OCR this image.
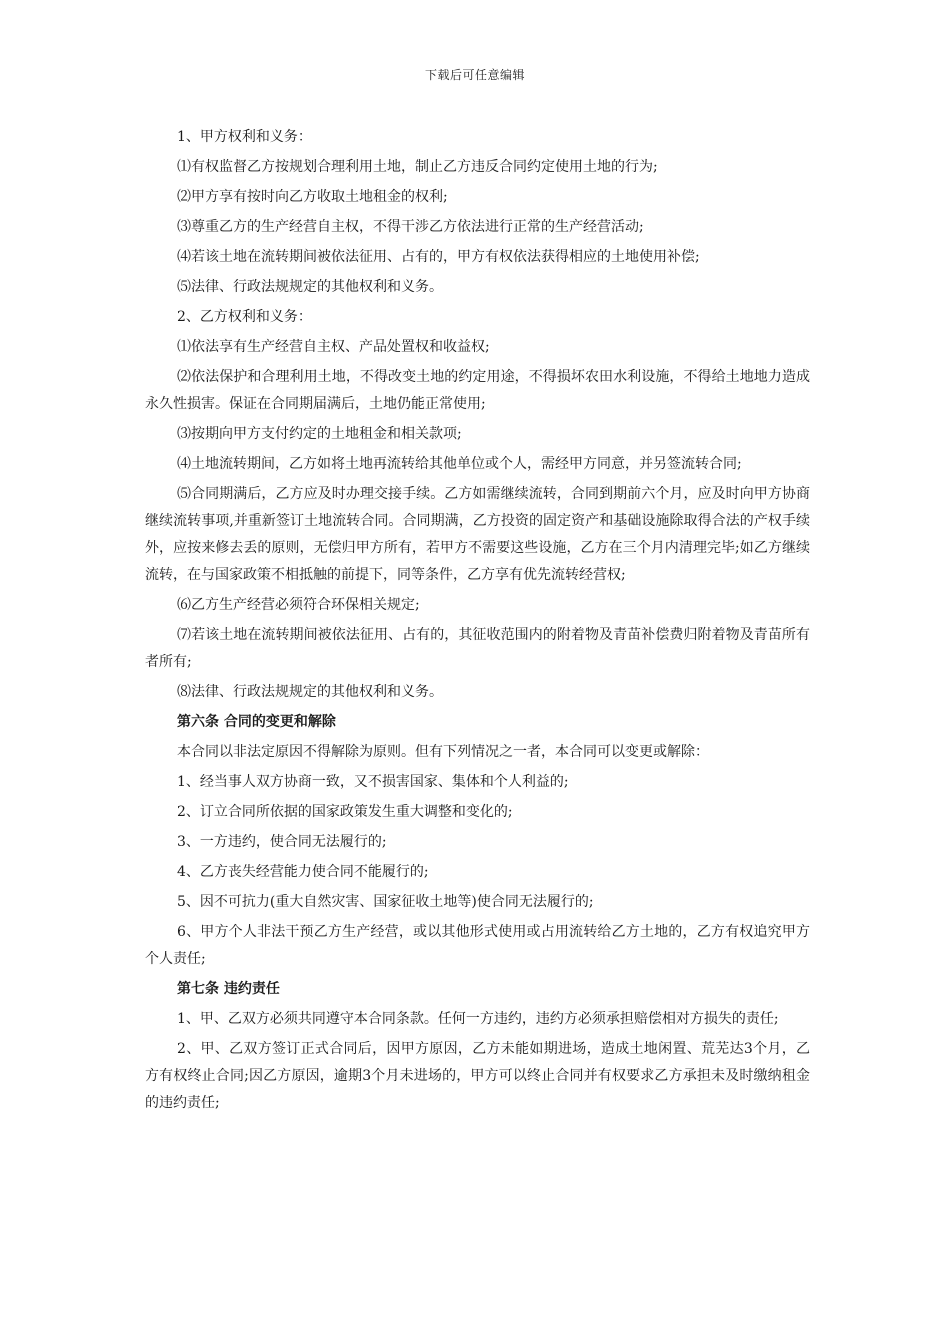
下载后可任意编辑

1、甲方权利和义务：

⑴有权监督乙方按规划合理利用土地，制止乙方违反合同约定使用土地的行为;

⑵甲方享有按时向乙方收取土地租金的权利;

⑶尊重乙方的生产经营自主权，不得干涉乙方依法进行正常的生产经营活动;

⑷若该土地在流转期间被依法征用、占有的，甲方有权依法获得相应的土地使用补偿;

⑸法律、行政法规规定的其他权利和义务。

2、乙方权利和义务：

⑴依法享有生产经营自主权、产品处置权和收益权;

⑵依法保护和合理利用土地，不得改变土地的约定用途，不得损坏农田水利设施，不得给土地地力造成永久性损害。保证在合同期届满后，土地仍能正常使用;

⑶按期向甲方支付约定的土地租金和相关款项;

⑷土地流转期间，乙方如将土地再流转给其他单位或个人，需经甲方同意，并另签流转合同;

⑸合同期满后，乙方应及时办理交接手续。乙方如需继续流转，合同到期前六个月，应及时向甲方协商继续流转事项,并重新签订土地流转合同。合同期满，乙方投资的固定资产和基础设施除取得合法的产权手续外，应按来修去丢的原则，无偿归甲方所有，若甲方不需要这些设施，乙方在三个月内清理完毕;如乙方继续流转，在与国家政策不相抵触的前提下，同等条件，乙方享有优先流转经营权;

⑹乙方生产经营必须符合环保相关规定;

⑺若该土地在流转期间被依法征用、占有的，其征收范围内的附着物及青苗补偿费归附着物及青苗所有者所有;

⑻法律、行政法规规定的其他权利和义务。

第六条 合同的变更和解除

本合同以非法定原因不得解除为原则。但有下列情况之一者，本合同可以变更或解除：

1、经当事人双方协商一致，又不损害国家、集体和个人利益的;

2、订立合同所依据的国家政策发生重大调整和变化的;

3、一方违约，使合同无法履行的;

4、乙方丧失经营能力使合同不能履行的;

5、因不可抗力(重大自然灾害、国家征收土地等)使合同无法履行的;

6、甲方个人非法干预乙方生产经营，或以其他形式使用或占用流转给乙方土地的，乙方有权追究甲方个人责任;

第七条 违约责任

1、甲、乙双方必须共同遵守本合同条款。任何一方违约，违约方必须承担赔偿相对方损失的责任;

2、甲、乙双方签订正式合同后，因甲方原因，乙方未能如期进场，造成土地闲置、荒芜达3个月，乙方有权终止合同;因乙方原因，逾期3个月未进场的，甲方可以终止合同并有权要求乙方承担未及时缴纳租金的违约责任;
